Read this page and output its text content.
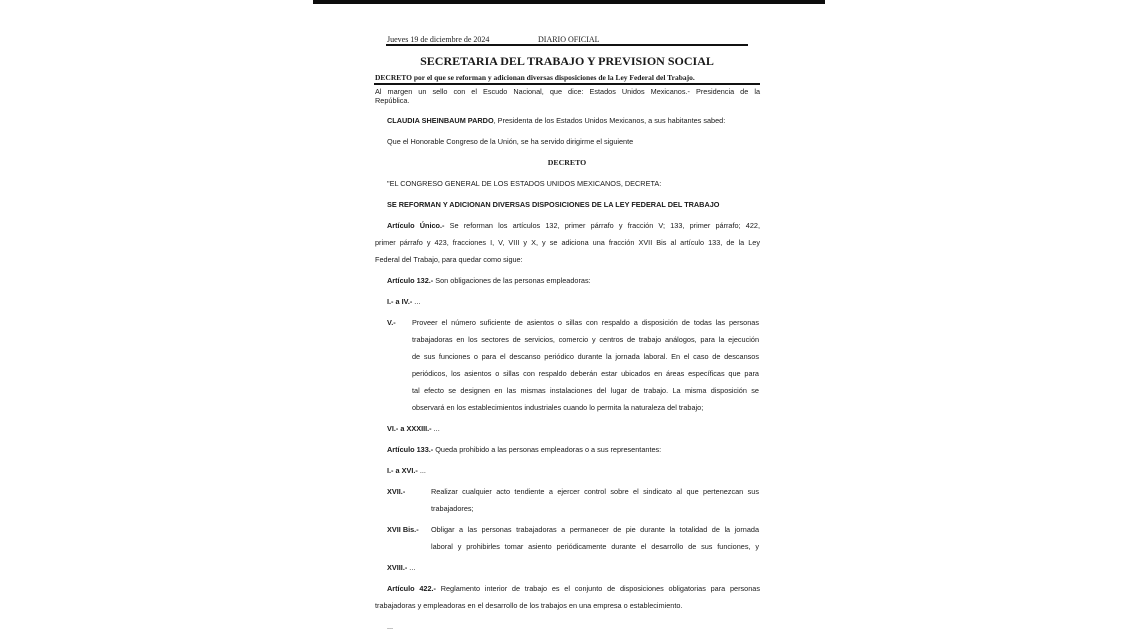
Jueves 19 de diciembre de 2024	DIARIO OFICIAL
SECRETARIA DEL TRABAJO Y PREVISION SOCIAL
DECRETO por el que se reforman y adicionan diversas disposiciones de la Ley Federal del Trabajo.
Al margen un sello con el Escudo Nacional, que dice: Estados Unidos Mexicanos.- Presidencia de la
República.
CLAUDIA SHEINBAUM PARDO, Presidenta de los Estados Unidos Mexicanos, a sus habitantes sabed:
Que el Honorable Congreso de la Unión, se ha servido dirigirme el siguiente
DECRETO
"EL CONGRESO GENERAL DE LOS ESTADOS UNIDOS MEXICANOS, DECRETA:
SE REFORMAN Y ADICIONAN DIVERSAS DISPOSICIONES DE LA LEY FEDERAL DEL TRABAJO
Artículo Único.- Se reforman los artículos 132, primer párrafo y fracción V; 133, primer párrafo; 422,
primer párrafo y 423, fracciones I, V, VIII y X, y se adiciona una fracción XVII Bis al artículo 133, de la Ley
Federal del Trabajo, para quedar como sigue:
Artículo 132.- Son obligaciones de las personas empleadoras:
I.- a IV.- ...
V.- Proveer el número suficiente de asientos o sillas con respaldo a disposición de todas las personas
trabajadoras en los sectores de servicios, comercio y centros de trabajo análogos, para la ejecución
de sus funciones o para el descanso periódico durante la jornada laboral. En el caso de descansos
periódicos, los asientos o sillas con respaldo deberán estar ubicados en áreas específicas que para
tal efecto se designen en las mismas instalaciones del lugar de trabajo. La misma disposición se
observará en los establecimientos industriales cuando lo permita la naturaleza del trabajo;
VI.- a XXXIII.- ...
Artículo 133.- Queda prohibido a las personas empleadoras o a sus representantes:
I.- a XVI.- ...
XVII.-	Realizar cualquier acto tendiente a ejercer control sobre el sindicato al que pertenezcan sus
trabajadores;
XVII Bis.- Obligar a las personas trabajadoras a permanecer de pie durante la totalidad de la jornada
laboral y prohibirles tomar asiento periódicamente durante el desarrollo de sus funciones, y
XVIII.- ...
Artículo 422.- Reglamento interior de trabajo es el conjunto de disposiciones obligatorias para personas
trabajadoras y empleadoras en el desarrollo de los trabajos en una empresa o establecimiento.
...
